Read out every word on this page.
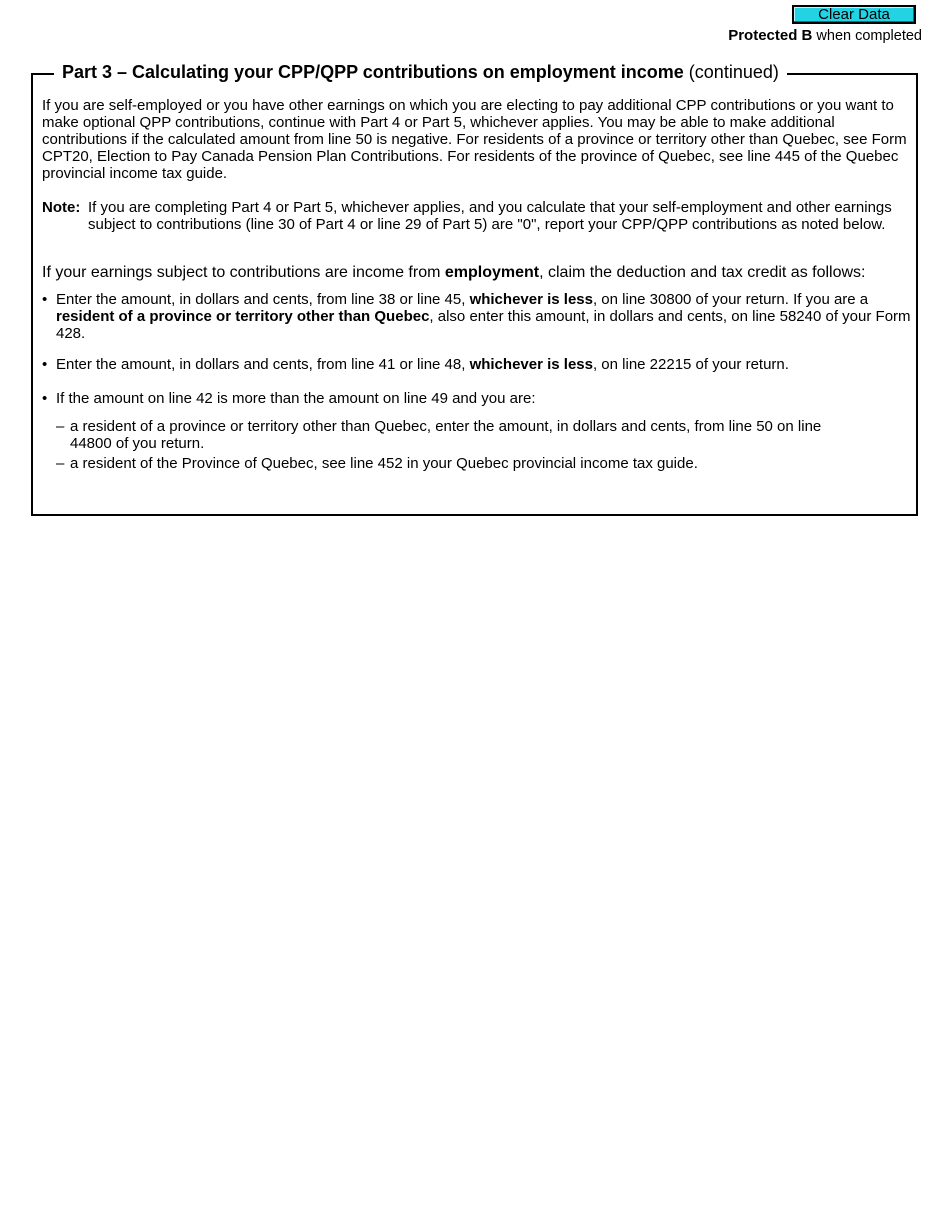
Clear Data
Protected B when completed
Part 3 – Calculating your CPP/QPP contributions on employment income (continued)
If you are self-employed or you have other earnings on which you are electing to pay additional CPP contributions or you want to make optional QPP contributions, continue with Part 4 or Part 5, whichever applies. You may be able to make additional contributions if the calculated amount from line 50 is negative. For residents of a province or territory other than Quebec, see Form CPT20, Election to Pay Canada Pension Plan Contributions. For residents of the province of Quebec, see line 445 of the Quebec provincial income tax guide.
Note: If you are completing Part 4 or Part 5, whichever applies, and you calculate that your self-employment and other earnings subject to contributions (line 30 of Part 4 or line 29 of Part 5) are "0", report your CPP/QPP contributions as noted below.
If your earnings subject to contributions are income from employment, claim the deduction and tax credit as follows:
• Enter the amount, in dollars and cents, from line 38 or line 45, whichever is less, on line 30800 of your return. If you are a resident of a province or territory other than Quebec, also enter this amount, in dollars and cents, on line 58240 of your Form 428.
• Enter the amount, in dollars and cents, from line 41 or line 48, whichever is less, on line 22215 of your return.
• If the amount on line 42 is more than the amount on line 49 and you are:
– a resident of a province or territory other than Quebec, enter the amount, in dollars and cents, from line 50 on line 44800 of you return.
– a resident of the Province of Quebec, see line 452 in your Quebec provincial income tax guide.
